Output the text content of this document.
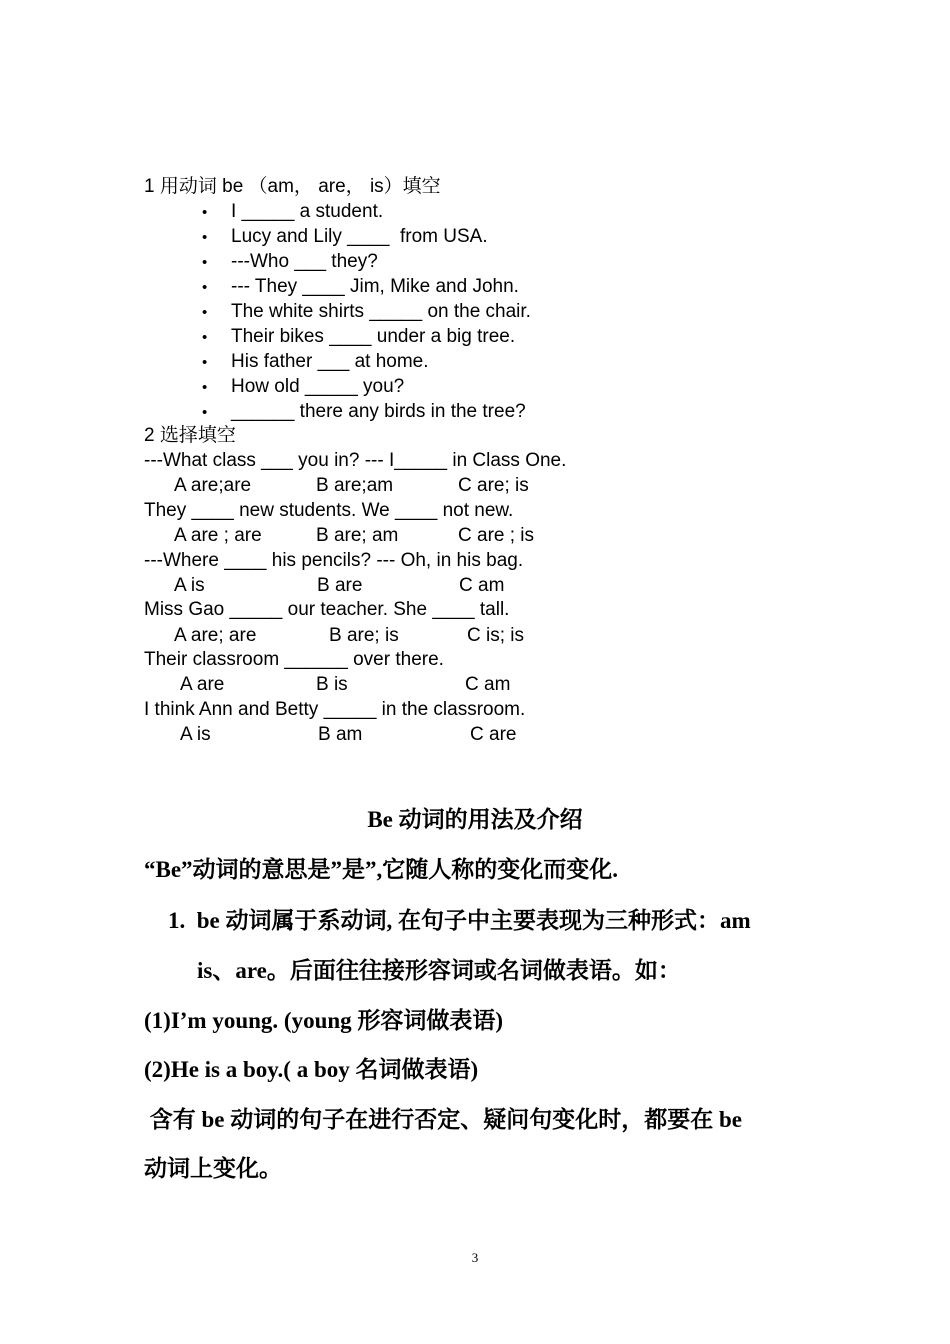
1 用动词 be （am， are， is）填空
• I _____ a student.
• Lucy and Lily ____  from USA.
• ---Who ___ they?
• --- They ____ Jim, Mike and John.
• The white shirts _____ on the chair.
• Their bikes ____ under a big tree.
• His father ___ at home.
• How old _____ you?
• ______ there any birds in the tree?
2 选择填空
---What class ___ you in? --- I_____ in Class One.
A are;are	B are;am	C are; is
They ____ new students. We ____ not new.
A are ; are	B are; am	C are ; is
---Where ____ his pencils? --- Oh, in his bag.
A is	B are	C am
Miss Gao _____ our teacher. She ____ tall.
A are; are	B are; is	C is; is
Their classroom ______ over there.
A are	B is	C am
I think Ann and Betty _____ in the classroom.
A is	B am	C are
Be 动词的用法及介绍
“Be”动词的意思是”是”,它随人称的变化而变化.
1.  be 动词属于系动词, 在句子中主要表现为三种形式：am
is、are。后面往往接形容词或名词做表语。如：
(1)I’m young. (young 形容词做表语)
(2)He is a boy.( a boy 名词做表语)
含有 be 动词的句子在进行否定、疑问句变化时，都要在 be
动词上变化。
3
